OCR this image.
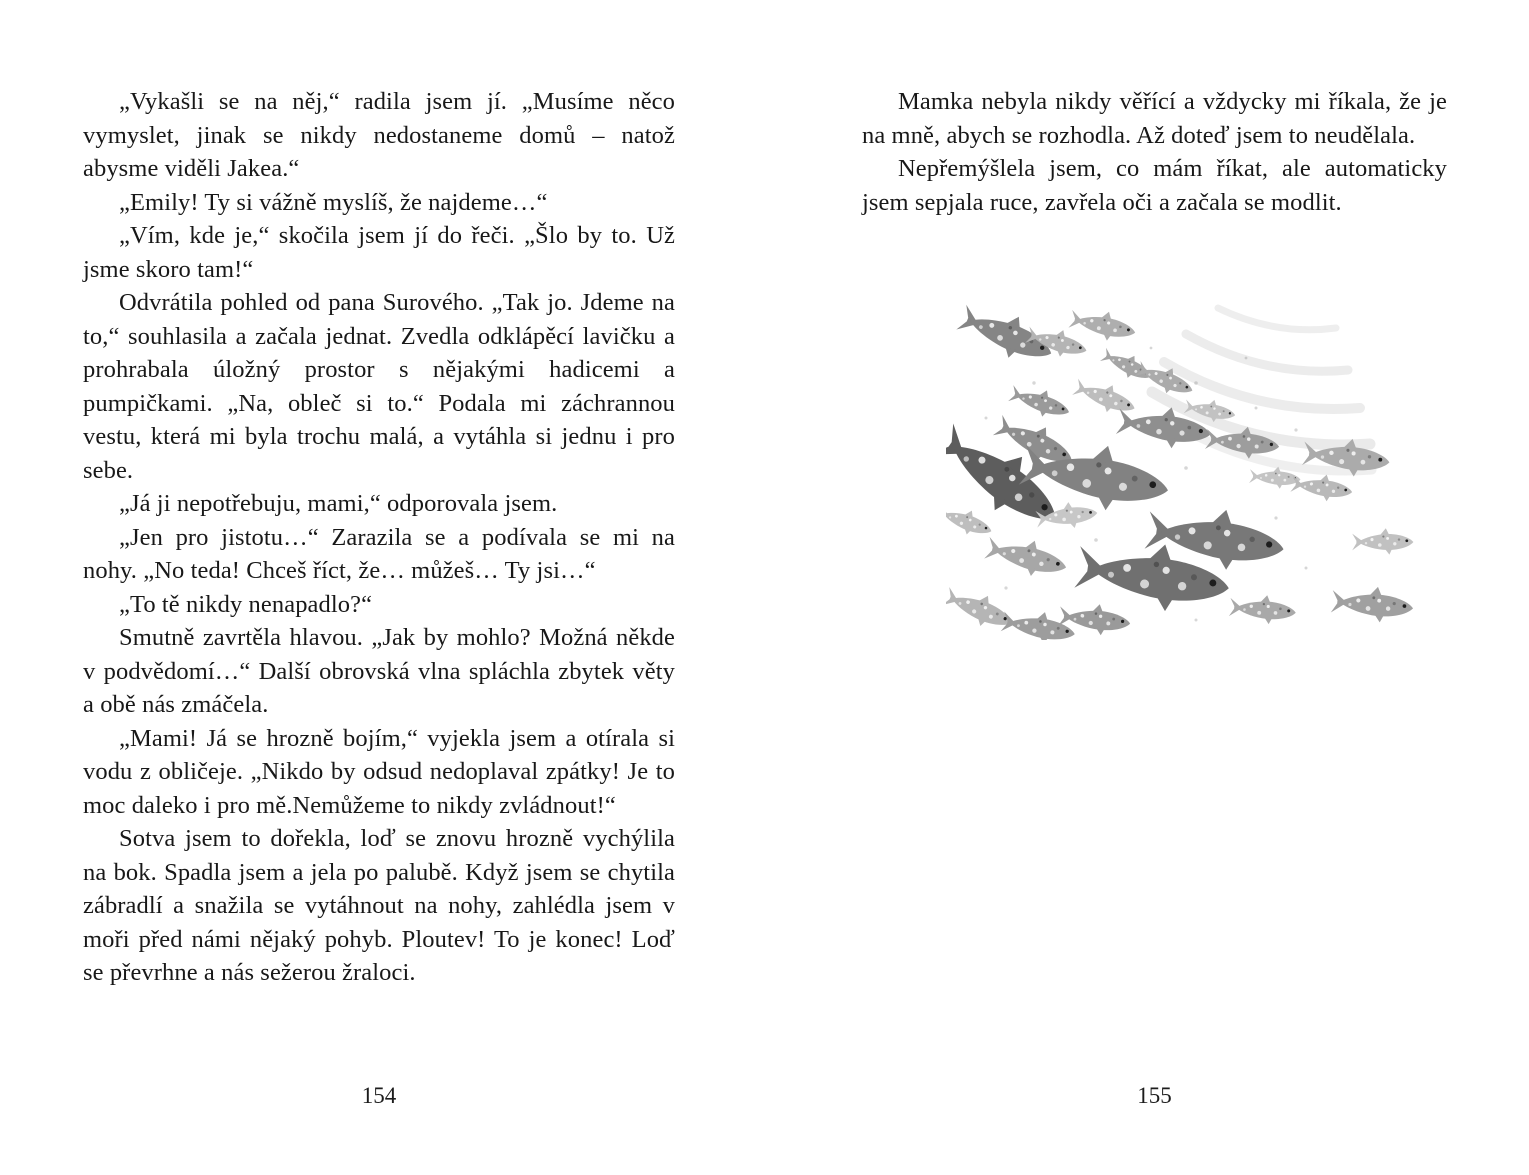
„Vykašli se na něj,“ radila jsem jí. „Musíme něco vymyslet, jinak se nikdy nedostaneme domů – natož abysme viděli Jakea.“

„Emily! Ty si vážně myslíš, že najdeme…“

„Vím, kde je,“ skočila jsem jí do řeči. „Šlo by to. Už jsme skoro tam!“

Odvrátila pohled od pana Surového. „Tak jo. Jdeme na to,“ souhlasila a začala jednat. Zvedla odklápěcí lavičku a prohrabala úložný prostor s nějakými hadicemi a pumpičkami. „Na, obleč si to.“ Podala mi záchrannou vestu, která mi byla trochu malá, a vytáhla si jednu i pro sebe.

„Já ji nepotřebuju, mami,“ odporovala jsem.

„Jen pro jistotu…“ Zarazila se a podívala se mi na nohy. „No teda! Chceš říct, že… můžeš… Ty jsi…“

„To tě nikdy nenapadlo?“

Smutně zavrtěla hlavou. „Jak by mohlo? Možná někde v podvědomí…“ Další obrovská vlna spláchla zbytek věty a obě nás zmáčela.

„Mami! Já se hrozně bojím,“ vyjekla jsem a otírala si vodu z obličeje. „Nikdo by odsud nedoplaval zpátky! Je to moc daleko i pro mě.Nemůžeme to nikdy zvládnout!“

Sotva jsem to dořekla, loď se znovu hrozně vychýlila na bok. Spadla jsem a jela po palubě. Když jsem se chytila zábradlí a snažila se vytáhnout na nohy, zahlédla jsem v moři před námi nějaký pohyb. Ploutev! To je konec! Loď se převrhne a nás sežerou žraloci.

154

Mamka nebyla nikdy věřící a vždycky mi říkala, že je na mně, abych se rozhodla. Až doteď jsem to neudělala.

Nepřemýšlela jsem, co mám říkat, ale automaticky jsem sepjala ruce, zavřela oči a začala se modlit.

155
